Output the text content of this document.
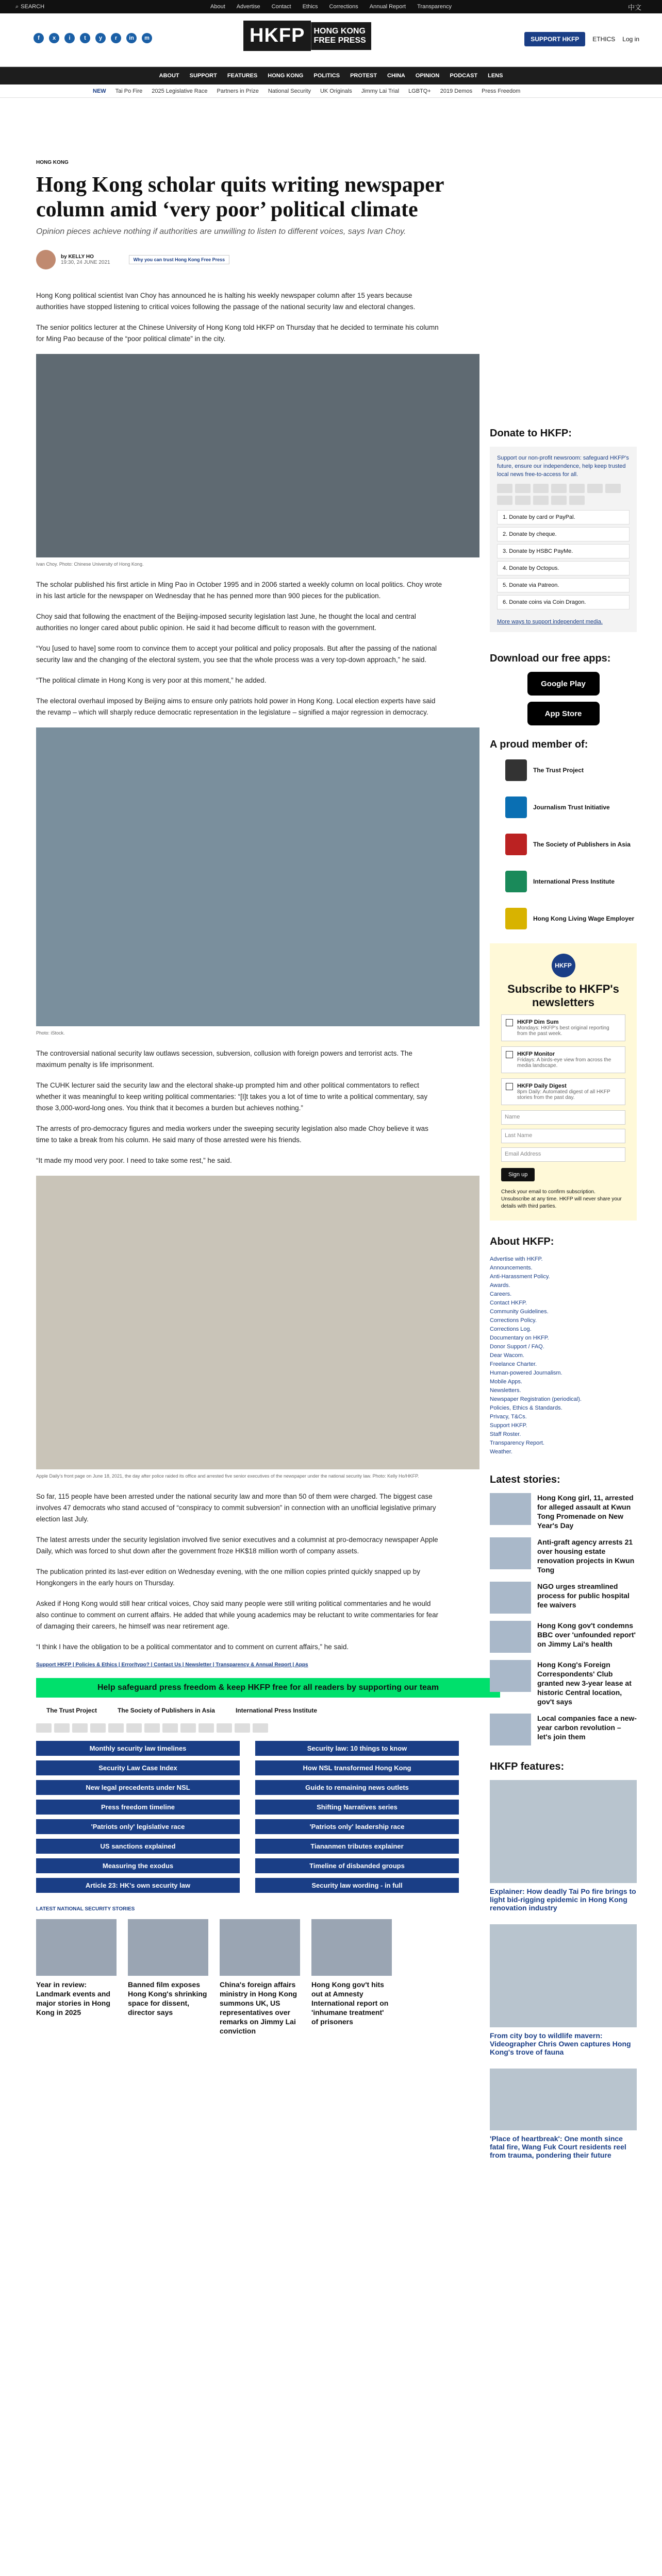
⌕ SEARCH	About Advertise Contact Ethics Corrections Annual Report Transparency	中文
f	x	i	t	y	r	in	m	HKFP	HONG KONG
FREE PRESS	SUPPORT HKFP	ETHICS Log in
ABOUT SUPPORT FEATURES HONG KONG POLITICS PROTEST CHINA OPINION PODCAST LENS
NEW Tai Po Fire 2025 Legislative Race Partners in Prize National Security UK Originals Jimmy Lai Trial LGBTQ+ 2019 Demos Press Freedom
HONG KONG
Hong Kong scholar quits writing newspaper column amid ‘very poor’ political climate
Opinion pieces achieve nothing if authorities are unwilling to listen to different voices, says Ivan Choy.
by KELLY HO
19:30, 24 JUNE 2021	Why you can trust Hong Kong Free Press

Hong Kong political scientist Ivan Choy has announced he is halting his weekly newspaper column after 15 years because authorities have stopped listening to critical voices following the passage of the national security law and electoral changes.

The senior politics lecturer at the Chinese University of Hong Kong told HKFP on Thursday that he decided to terminate his column for Ming Pao because of the “poor political climate” in the city.

Ivan Choy. Photo: Chinese University of Hong Kong.

The scholar published his first article in Ming Pao in October 1995 and in 2006 started a weekly column on local politics. Choy wrote in his last article for the newspaper on Wednesday that he has penned more than 900 pieces for the publication.

Choy said that following the enactment of the Beijing-imposed security legislation last June, he thought the local and central authorities no longer cared about public opinion. He said it had become difficult to reason with the government.

“You [used to have] some room to convince them to accept your political and policy proposals. But after the passing of the national security law and the changing of the electoral system, you see that the whole process was a very top-down approach,” he said.

“The political climate in Hong Kong is very poor at this moment,” he added.

The electoral overhaul imposed by Beijing aims to ensure only patriots hold power in Hong Kong. Local election experts have said the revamp – which will sharply reduce democratic representation in the legislature – signified a major regression in democracy.

Photo: iStock.

The controversial national security law outlaws secession, subversion, collusion with foreign powers and terrorist acts. The maximum penalty is life imprisonment.

The CUHK lecturer said the security law and the electoral shake-up prompted him and other political commentators to reflect whether it was meaningful to keep writing political commentaries: “[I]t takes you a lot of time to write a political commentary, say those 3,000-word-long ones. You think that it becomes a burden but achieves nothing.”

The arrests of pro-democracy figures and media workers under the sweeping security legislation also made Choy believe it was time to take a break from his column. He said many of those arrested were his friends.

“It made my mood very poor. I need to take some rest,” he said.

Apple Daily’s front page on June 18, 2021, the day after police raided its office and arrested five senior executives of the newspaper under the national security law. Photo: Kelly Ho/HKFP.

So far, 115 people have been arrested under the national security law and more than 50 of them were charged. The biggest case involves 47 democrats who stand accused of “conspiracy to commit subversion” in connection with an unofficial legislative primary election last July.

The latest arrests under the security legislation involved five senior executives and a columnist at pro-democracy newspaper Apple Daily, which was forced to shut down after the government froze HK$18 million worth of company assets.

The publication printed its last-ever edition on Wednesday evening, with the one million copies printed quickly snapped up by Hongkongers in the early hours on Thursday.

Asked if Hong Kong would still hear critical voices, Choy said many people were still writing political commentaries and he would also continue to comment on current affairs. He added that while young academics may be reluctant to write commentaries for fear of damaging their careers, he himself was near retirement age.

“I think I have the obligation to be a political commentator and to comment on current affairs,” he said.

Support HKFP | Policies & Ethics | Error/typo? | Contact Us | Newsletter | Transparency & Annual Report | Apps
Help safeguard press freedom & keep HKFP free for all readers by supporting our team
The Trust Project	The Society of Publishers in Asia	International Press Institute
Monthly security law timelines	Security law: 10 things to know
Security Law Case Index	How NSL transformed Hong Kong
New legal precedents under NSL	Guide to remaining news outlets
Press freedom timeline	Shifting Narratives series
'Patriots only' legislative race	'Patriots only' leadership race
US sanctions explained	Tiananmen tributes explainer
Measuring the exodus	Timeline of disbanded groups
Article 23: HK's own security law	Security law wording - in full
LATEST NATIONAL SECURITY STORIES
Year in review: Landmark events and major stories in Hong Kong in 2025
Banned film exposes Hong Kong's shrinking space for dissent, director says
China's foreign affairs ministry in Hong Kong summons UK, US representatives over remarks on Jimmy Lai conviction
Hong Kong gov't hits out at Amnesty International report on 'inhumane treatment' of prisoners
Donate to HKFP:
Support our non-profit newsroom: safeguard HKFP's future, ensure our independence, help keep trusted local news free-to-access for all.
1. Donate by card or PayPal.
2. Donate by cheque.
3. Donate by HSBC PayMe.
4. Donate by Octopus.
5. Donate via Patreon.
6. Donate coins via Coin Dragon.
More ways to support independent media.
Download our free apps:
Google Play
App Store
A proud member of:
The Trust Project
Journalism Trust Initiative
The Society of Publishers in Asia
International Press Institute
Hong Kong Living Wage Employer
HKFP
Subscribe to HKFP's newsletters
HKFP Dim Sum
Mondays: HKFP's best original reporting from the past week.
HKFP Monitor
Fridays: A birds-eye view from across the media landscape.
HKFP Daily Digest
8pm Daily: Automated digest of all HKFP stories from the past day.
Name
Last Name
Email Address
Sign up
Check your email to confirm subscription. Unsubscribe at any time. HKFP will never share your details with third parties.
About HKFP:
Advertise with HKFP.
Announcements.
Anti-Harassment Policy.
Awards.
Careers.
Contact HKFP.
Community Guidelines.
Corrections Policy.
Corrections Log.
Documentary on HKFP.
Donor Support / FAQ.
Dear Wacom.
Freelance Charter.
Human-powered Journalism.
Mobile Apps.
Newsletters.
Newspaper Registration (periodical).
Policies, Ethics & Standards.
Privacy, T&Cs.
Support HKFP.
Staff Roster.
Transparency Report.
Weather.
Latest stories:
Hong Kong girl, 11, arrested for alleged assault at Kwun Tong Promenade on New Year's Day
Anti-graft agency arrests 21 over housing estate renovation projects in Kwun Tong
NGO urges streamlined process for public hospital fee waivers
Hong Kong gov't condemns BBC over 'unfounded report' on Jimmy Lai's health
Hong Kong's Foreign Correspondents' Club granted new 3-year lease at historic Central location, gov't says
Local companies face a new-year carbon revolution – let's join them
HKFP features:
Explainer: How deadly Tai Po fire brings to light bid-rigging epidemic in Hong Kong renovation industry
From city boy to wildlife mavern: Videographer Chris Owen captures Hong Kong's trove of fauna
'Place of heartbreak': One month since fatal fire, Wang Fuk Court residents reel from trauma, pondering their future
